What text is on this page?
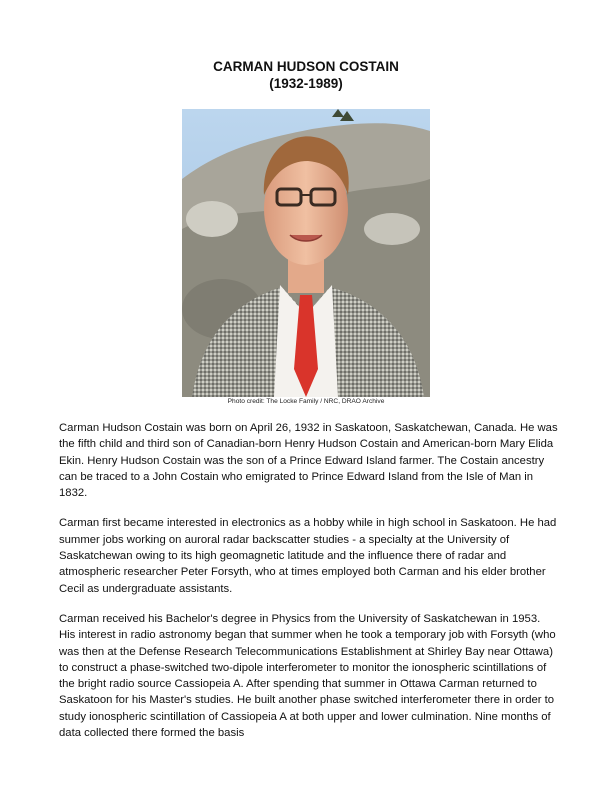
CARMAN HUDSON COSTAIN
(1932-1989)
Photo credit: The Locke Family / NRC, DRAO Archive

Carman Hudson Costain was born on April 26, 1932 in Saskatoon, Saskatchewan, Canada. He was the fifth child and third son of Canadian-born Henry Hudson Costain and American-born Mary Elida Ekin. Henry Hudson Costain was the son of a Prince Edward Island farmer. The Costain ancestry can be traced to a John Costain who emigrated to Prince Edward Island from the Isle of Man in 1832.

Carman first became interested in electronics as a hobby while in high school in Saskatoon. He had summer jobs working on auroral radar backscatter studies - a specialty at the University of Saskatchewan owing to its high geomagnetic latitude and the influence there of radar and atmospheric researcher Peter Forsyth, who at times employed both Carman and his elder brother Cecil as undergraduate assistants.

Carman received his Bachelor's degree in Physics from the University of Saskatchewan in 1953. His interest in radio astronomy began that summer when he took a temporary job with Forsyth (who was then at the Defense Research Telecommunications Establishment at Shirley Bay near Ottawa) to construct a phase-switched two-dipole interferometer to monitor the ionospheric scintillations of the bright radio source Cassiopeia A. After spending that summer in Ottawa Carman returned to Saskatoon for his Master's studies. He built another phase switched interferometer there in order to study ionospheric scintillation of Cassiopeia A at both upper and lower culmination. Nine months of data collected there formed the basis
